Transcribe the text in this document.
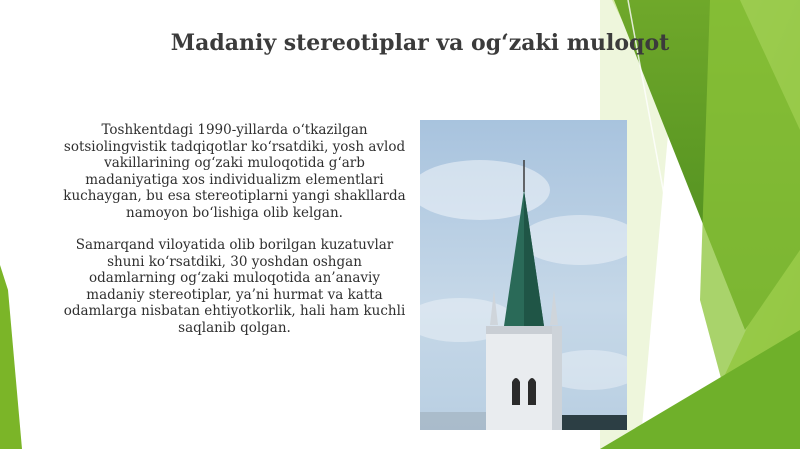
Madaniy stereotiplar va og‘zaki muloqot

Toshkentdagi 1990-yillarda o‘tkazilgan sotsiolingvistik tadqiqotlar ko‘rsatdiki, yosh avlod vakillarining og‘zaki muloqotida g‘arb madaniyatiga xos individualizm elementlari kuchaygan, bu esa stereotiplarni yangi shakllarda namoyon bo‘lishiga olib kelgan.

Samarqand viloyatida olib borilgan kuzatuvlar shuni ko‘rsatdiki, 30 yoshdan oshgan odamlarning og‘zaki muloqotida an’anaviy madaniy stereotiplar, ya’ni hurmat va katta odamlarga nisbatan ehtiyotkorlik, hali ham kuchli saqlanib qolgan.
